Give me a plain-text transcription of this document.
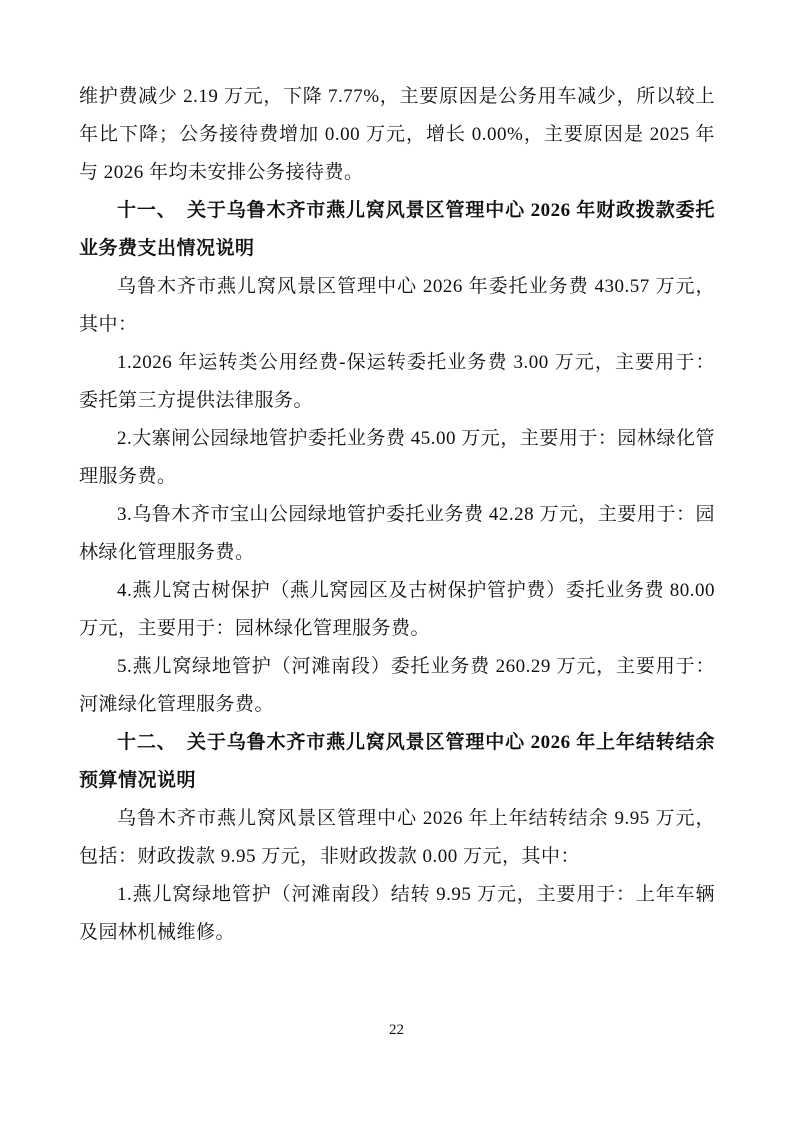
维护费减少 2.19 万元，下降 7.77%，主要原因是公务用车减少，所以较上年比下降；公务接待费增加 0.00 万元，增长 0.00%，主要原因是 2025 年与 2026 年均未安排公务接待费。

十一、　关于乌鲁木齐市燕儿窝风景区管理中心 2026 年财政拨款委托业务费支出情况说明

乌鲁木齐市燕儿窝风景区管理中心 2026 年委托业务费 430.57 万元，其中：

1.2026 年运转类公用经费-保运转委托业务费 3.00 万元，主要用于：委托第三方提供法律服务。

2.大寨闸公园绿地管护委托业务费 45.00 万元，主要用于：园林绿化管理服务费。

3.乌鲁木齐市宝山公园绿地管护委托业务费 42.28 万元，主要用于：园林绿化管理服务费。

4.燕儿窝古树保护（燕儿窝园区及古树保护管护费）委托业务费 80.00 万元，主要用于：园林绿化管理服务费。

5.燕儿窝绿地管护（河滩南段）委托业务费 260.29 万元，主要用于：河滩绿化管理服务费。

十二、　关于乌鲁木齐市燕儿窝风景区管理中心 2026 年上年结转结余预算情况说明

乌鲁木齐市燕儿窝风景区管理中心 2026 年上年结转结余 9.95 万元，包括：财政拨款 9.95 万元，非财政拨款 0.00 万元，其中：

1.燕儿窝绿地管护（河滩南段）结转 9.95 万元，主要用于：上年车辆及园林机械维修。

22
